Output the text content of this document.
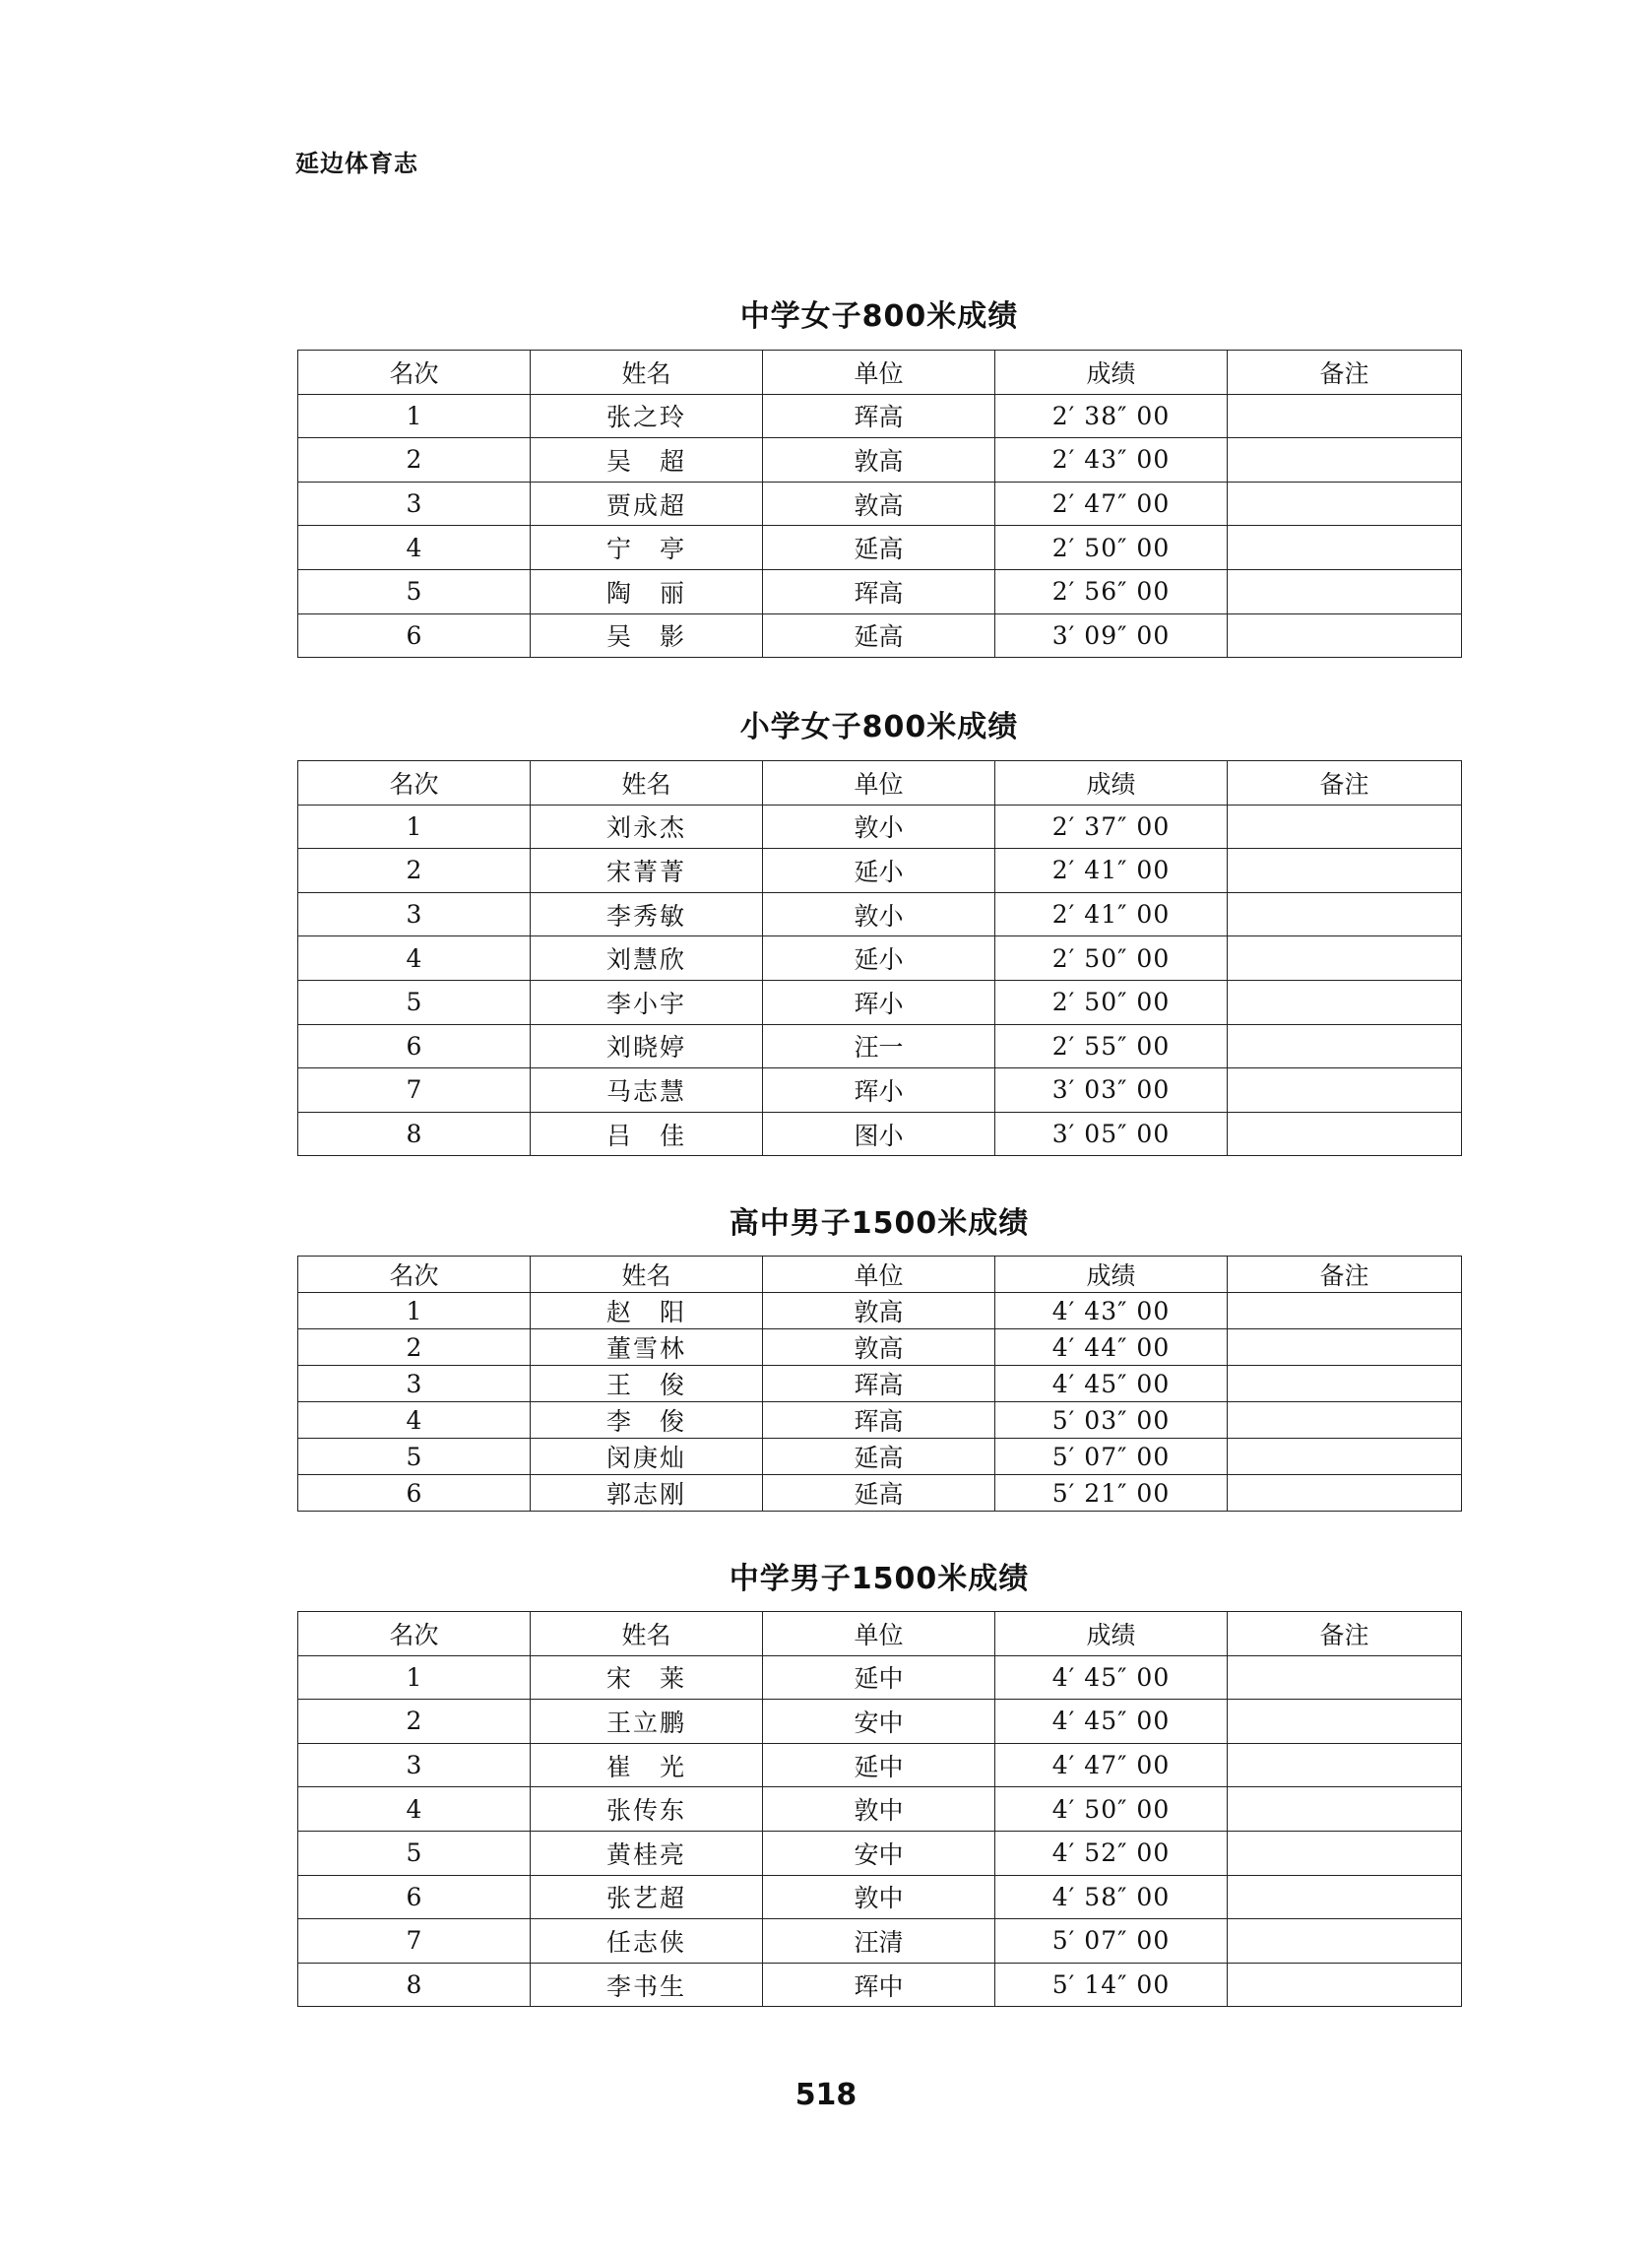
延边体育志
518
中学女子800米成绩
名次	姓名	单位	成绩	备注
1	张之玲	珲高	2′ 38″ 00	
2	吴　超	敦高	2′ 43″ 00	
3	贾成超	敦高	2′ 47″ 00	
4	宁　亭	延高	2′ 50″ 00	
5	陶　丽	珲高	2′ 56″ 00	
6	吴　影	延高	3′ 09″ 00	
小学女子800米成绩
名次	姓名	单位	成绩	备注
1	刘永杰	敦小	2′ 37″ 00	
2	宋菁菁	延小	2′ 41″ 00	
3	李秀敏	敦小	2′ 41″ 00	
4	刘慧欣	延小	2′ 50″ 00	
5	李小宇	珲小	2′ 50″ 00	
6	刘晓婷	汪一	2′ 55″ 00	
7	马志慧	珲小	3′ 03″ 00	
8	吕　佳	图小	3′ 05″ 00	
高中男子1500米成绩
名次	姓名	单位	成绩	备注
1	赵　阳	敦高	4′ 43″ 00	
2	董雪林	敦高	4′ 44″ 00	
3	王　俊	珲高	4′ 45″ 00	
4	李　俊	珲高	5′ 03″ 00	
5	闵庚灿	延高	5′ 07″ 00	
6	郭志刚	延高	5′ 21″ 00	
中学男子1500米成绩
名次	姓名	单位	成绩	备注
1	宋　莱	延中	4′ 45″ 00	
2	王立鹏	安中	4′ 45″ 00	
3	崔　光	延中	4′ 47″ 00	
4	张传东	敦中	4′ 50″ 00	
5	黄桂亮	安中	4′ 52″ 00	
6	张艺超	敦中	4′ 58″ 00	
7	任志侠	汪清	5′ 07″ 00	
8	李书生	珲中	5′ 14″ 00	
